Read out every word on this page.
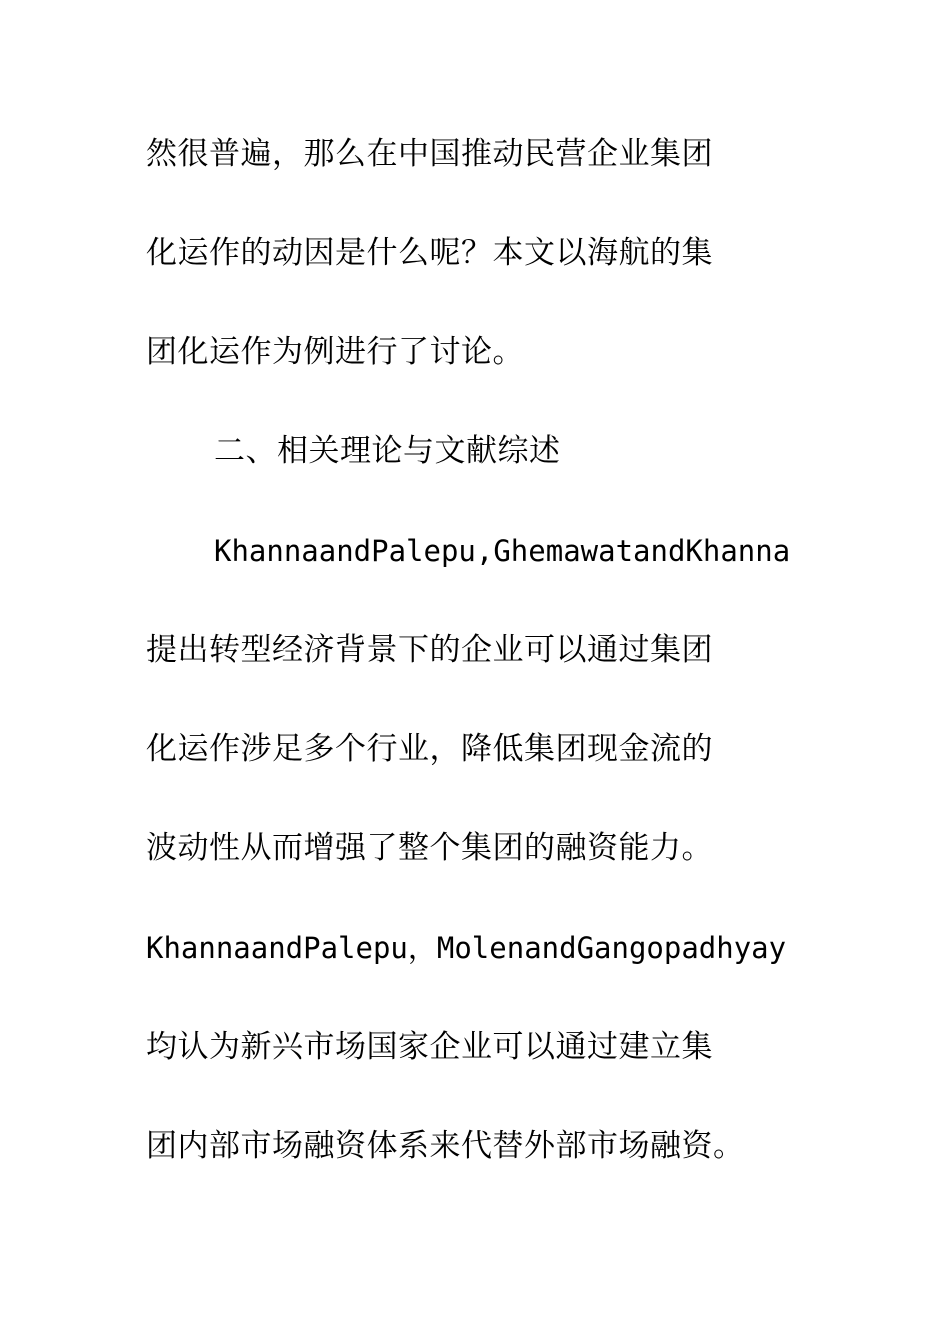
然很普遍，那么在中国推动民营企业集团
化运作的动因是什么呢？本文以海航的集
团化运作为例进行了讨论。
二、相关理论与文献综述
KhannaandPalepu,GhemawatandKhanna
提出转型经济背景下的企业可以通过集团
化运作涉足多个行业，降低集团现金流的
波动性从而增强了整个集团的融资能力。
KhannaandPalepu，MolenandGangopadhyay
均认为新兴市场国家企业可以通过建立集
团内部市场融资体系来代替外部市场融资。
